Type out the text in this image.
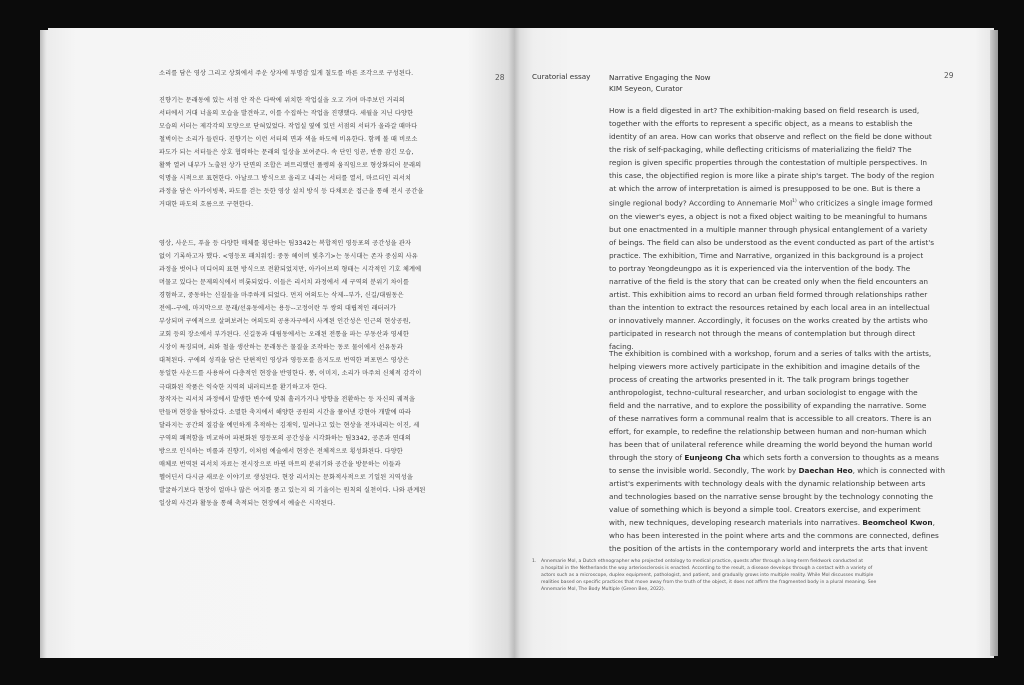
28	29

소리를 담은 영상 그리고 상회에서 주운 상자에 투명감 있게 칠도를 바른 조각으로 구성된다.

진향기는 문래동에 있는 서점 안 작은 다락에 위치한 작업실을 오고 가며 마주보던 거리의

서터에서 거대 너울의 모습을 발견하고, 이를 수집하는 작업을 진행했다. 세월을 지닌 다양한

모습의 서터는 제각각의 모양으로 닫혀있었다. 작업실 옆에 있던 서점의 서터가 올라갈 때마다

철벅이는 소리가 들린다. 진향기는 이런 서터의 면과 색을 하도에 비유한다. 함께 볼 때 비로소

파도가 되는 서터들은 상호 협력하는 문래의 일상을 보여준다. 속 단인 잉꾼, 반쯤 잠긴 모습,

활짝 열려 내부가 노출된 상가 단면의 조합은 퍼트리했던 풀렝의 움직임으로 형상화되어 문래의

익명을 시적으로 표현한다. 아날로그 방식으로 올리고 내리는 서터를 열서, 마르더인 리서치

과정을 담은 아카이빙북, 파도를 걷는 듯한 영상 설치 방식 등 다채로운 접근을 통해 전시 공간을

거대한 파도의 흐름으로 구현한다.

영상, 사운드, 푸을 등 다양한 매체를 횡단하는 팀3342는 복합적인 영등포의 공간성을 관자

없이 기록하고자 했다. <영등포 패치워킹: 중동 헤이비 빛추기>는 동시대는 존자 중심의 사유

과정을 벗어나 미디어의 표현 방식으로 전환되었지만, 아카이브의 형태는 시각적인 기호 체계에

머물고 있다는 문제의식에서 비롯되었다. 이들은 리서치 과정에서 세 구역의 분위기 차이를

경험하고, 중동하는 신질들을 마주하게 되었다. 먼저 여의도는 삭제--부가, 신길/대림동은

전에--구에, 마지막으로 문래/선유동에서는 용등--고정이란 두 쌍의 대립적인 래터러가

부상되며 구에적으로 살펴보려는 여의도의 공용자구에서 사계된 인간성은 인근의 현상공원,

교회 등의 장소에서 부가된다. 신길동과 대림동에서는 오래된 전통을 파는 부동산과 영세한

시장이 특징되며, 쇠와 철을 생산하는 문래동은 물질을 조작하는 동로 물이에서 선유동과

대척된다. 구에의 성격을 담은 단편적인 영상과 영등포를 음지도로 번역한 퍼포먼스 영상은

동일한 사운드를 사용하여 다층적인 현장을 반영한다. 풍, 이미지, 소리가 마주쳐 신체적 감각이

극대화된 작품은 익숙한 지역의 내러티브를 환기하고자 한다.

창작자는 리서치 과정에서 발생한 변수에 맞춰 흘러가거나 방향을 전환하는 등 자신의 궤적을

만들며 현장을 탐아갔다. 소멸한 축지에서 해양한 공원의 시간을 풀어낸 강현아 개발에 따라

달라지는 공간의 질감을 예민하게 추적하는 김재익, 밀려나고 있는 현상을 전자내리는 이진, 세

구역의 쾌적함을 비교하며 파편화된 영등포의 공간성을 시각화하는 팀3342, 공존과 연대의

방으로 인식하는 비롤과 진향기, 이처럼 예술에서 현장은 전체적으로 횡성화된다. 다양한

매체로 번역된 리서치 자료는 전시장으로 바뀐 마트의 분위기와 공간을 방문하는 이들과

헬어딘서 다시금 새로운 이야기로 생성된다. 현장 리서치는 문화적사적으로 기일된 지역성을

발굴하기보다 현장이 얼마나 많은 여지를 품고 있는지 의 기울이는 원칙의 실천이다. 나와 관계된

일상의 사건과 활동을 통해 축적되는 현장에서 예술은 시작된다.

Curatorial essay	Narrative Engaging the Now
KIM Seyeon, Curator

How is a field digested in art? The exhibition-making based on field research is used,

together with the efforts to represent a specific object, as a means to establish the

identity of an area. How can works that observe and reflect on the field be done without

the risk of self-packaging, while deflecting criticisms of materializing the field? The

region is given specific properties through the contestation of multiple perspectives. In

this case, the objectified region is more like a pirate ship's target. The body of the region

at which the arrow of interpretation is aimed is presupposed to be one. But is there a

single regional body? According to Annemarie Mol$^{1)}$ who criticizes a single image formed

on the viewer's eyes, a object is not a fixed object waiting to be meaningful to humans

but one enactmented in a multiple manner through physical entanglement of a variety

of beings. The field can also be understood as the event conducted as part of the artist's

practice. The exhibition, Time and Narrative, organized in this background is a project

to portray Yeongdeungpo as it is experienced via the intervention of the body. The

narrative of the field is the story that can be created only when the field encounters an

artist. This exhibition aims to record an urban field formed through relationships rather

than the intention to extract the resources retained by each local area in an intellectual

or innovatively manner. Accordingly, it focuses on the works created by the artists who

participated in research not through the means of contemplation but through direct

facing.

The exhibition is combined with a workshop, forum and a series of talks with the artists,

helping viewers more actively participate in the exhibition and imagine details of the

process of creating the artworks presented in it. The talk program brings together

anthropologist, techno-cultural researcher, and urban sociologist to engage with the

field and the narrative, and to explore the possibility of expanding the narrative. Some

of these narratives form a communal realm that is accessible to all creators. There is an

effort, for example, to redefine the relationship between human and non-human which

has been that of unilateral reference while dreaming the world beyond the human world

through the story of Eunjeong Cha which sets forth a conversion to thoughts as a means

to sense the invisible world. Secondly, The work by Daechan Heo, which is connected with

artist's experiments with technology deals with the dynamic relationship between arts

and technologies based on the narrative sense brought by the technology connoting the

value of something which is beyond a simple tool. Creators exercise, and experiment

with, new techniques, developing research materials into narratives. Beomcheol Kwon,

who has been interested in the point where arts and the commons are connected, defines

the position of the artists in the contemporary world and interprets the arts that invent

1. Annemarie Mol, a Dutch ethnographer who projected ontology to medical practice, quests after through a long-term fieldwork conducted at

a hospital in the Netherlands the way arteriosclerosis is enacted. According to the result, a disease develops through a contact with a variety of

actors such as a microscope, duplex equipment, pathologist, and patient, and gradually grows into multiple reality. While Mol discusses multiple

realities based on specific practices that move away from the truth of the object, it does not affirm the fragmented body in a plural meaning. See

Annemarie Mol, The Body Multiple (Green Bee, 2022).
